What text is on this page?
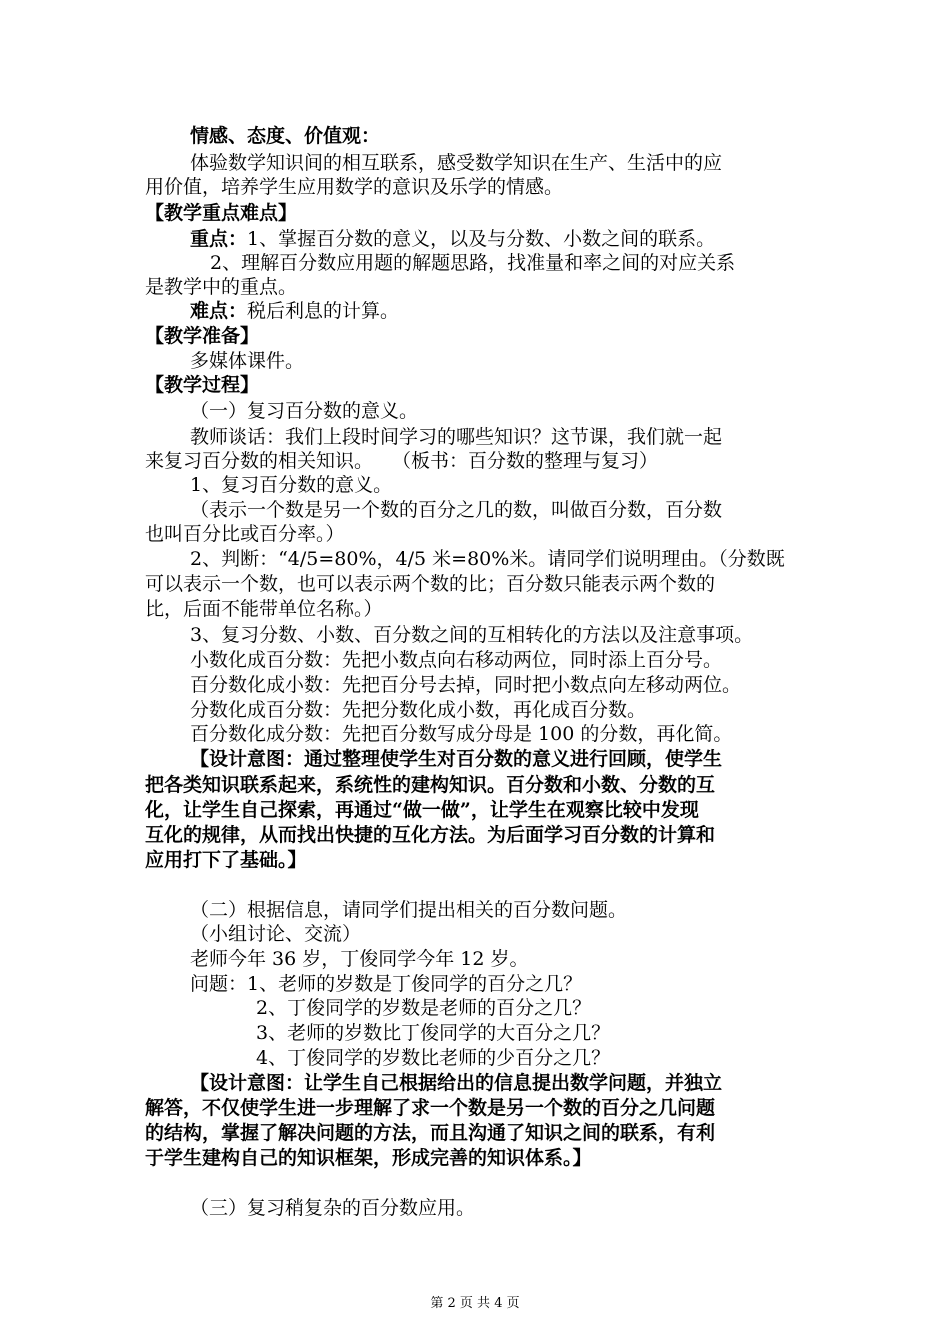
情感、态度、价值观：
体验数学知识间的相互联系，感受数学知识在生产、生活中的应
用价值，培养学生应用数学的意识及乐学的情感。
【教学重点难点】
重点：1、掌握百分数的意义，以及与分数、小数之间的联系。
2、理解百分数应用题的解题思路，找准量和率之间的对应关系
是教学中的重点。
难点：税后利息的计算。
【教学准备】
多媒体课件。
【教学过程】
（一）复习百分数的意义。
教师谈话：我们上段时间学习的哪些知识？这节课，我们就一起
来复习百分数的相关知识。　　（板书：百分数的整理与复习）
1、复习百分数的意义。
（表示一个数是另一个数的百分之几的数，叫做百分数，百分数
也叫百分比或百分率。）
2、判断：“4/5=80%，4/5 米=80%米。请同学们说明理由。（分数既
可以表示一个数，也可以表示两个数的比；百分数只能表示两个数的
比，后面不能带单位名称。）
3、复习分数、小数、百分数之间的互相转化的方法以及注意事项。
小数化成百分数：先把小数点向右移动两位，同时添上百分号。
百分数化成小数：先把百分号去掉，同时把小数点向左移动两位。
分数化成百分数：先把分数化成小数，再化成百分数。
百分数化成分数：先把百分数写成分母是 100 的分数，再化简。
【设计意图：通过整理使学生对百分数的意义进行回顾，使学生
把各类知识联系起来，系统性的建构知识。百分数和小数、分数的互
化，让学生自己探索，再通过“做一做”，让学生在观察比较中发现
互化的规律，从而找出快捷的互化方法。为后面学习百分数的计算和
应用打下了基础。】
（二）根据信息，请同学们提出相关的百分数问题。
（小组讨论、交流）
老师今年 36 岁，丁俊同学今年 12 岁。
问题：1、老师的岁数是丁俊同学的百分之几？
2、丁俊同学的岁数是老师的百分之几？
3、老师的岁数比丁俊同学的大百分之几？
4、丁俊同学的岁数比老师的少百分之几？
【设计意图：让学生自己根据给出的信息提出数学问题，并独立
解答，不仅使学生进一步理解了求一个数是另一个数的百分之几问题
的结构，掌握了解决问题的方法，而且沟通了知识之间的联系，有利
于学生建构自己的知识框架，形成完善的知识体系。】
（三）复习稍复杂的百分数应用。
第 2 页 共 4 页
